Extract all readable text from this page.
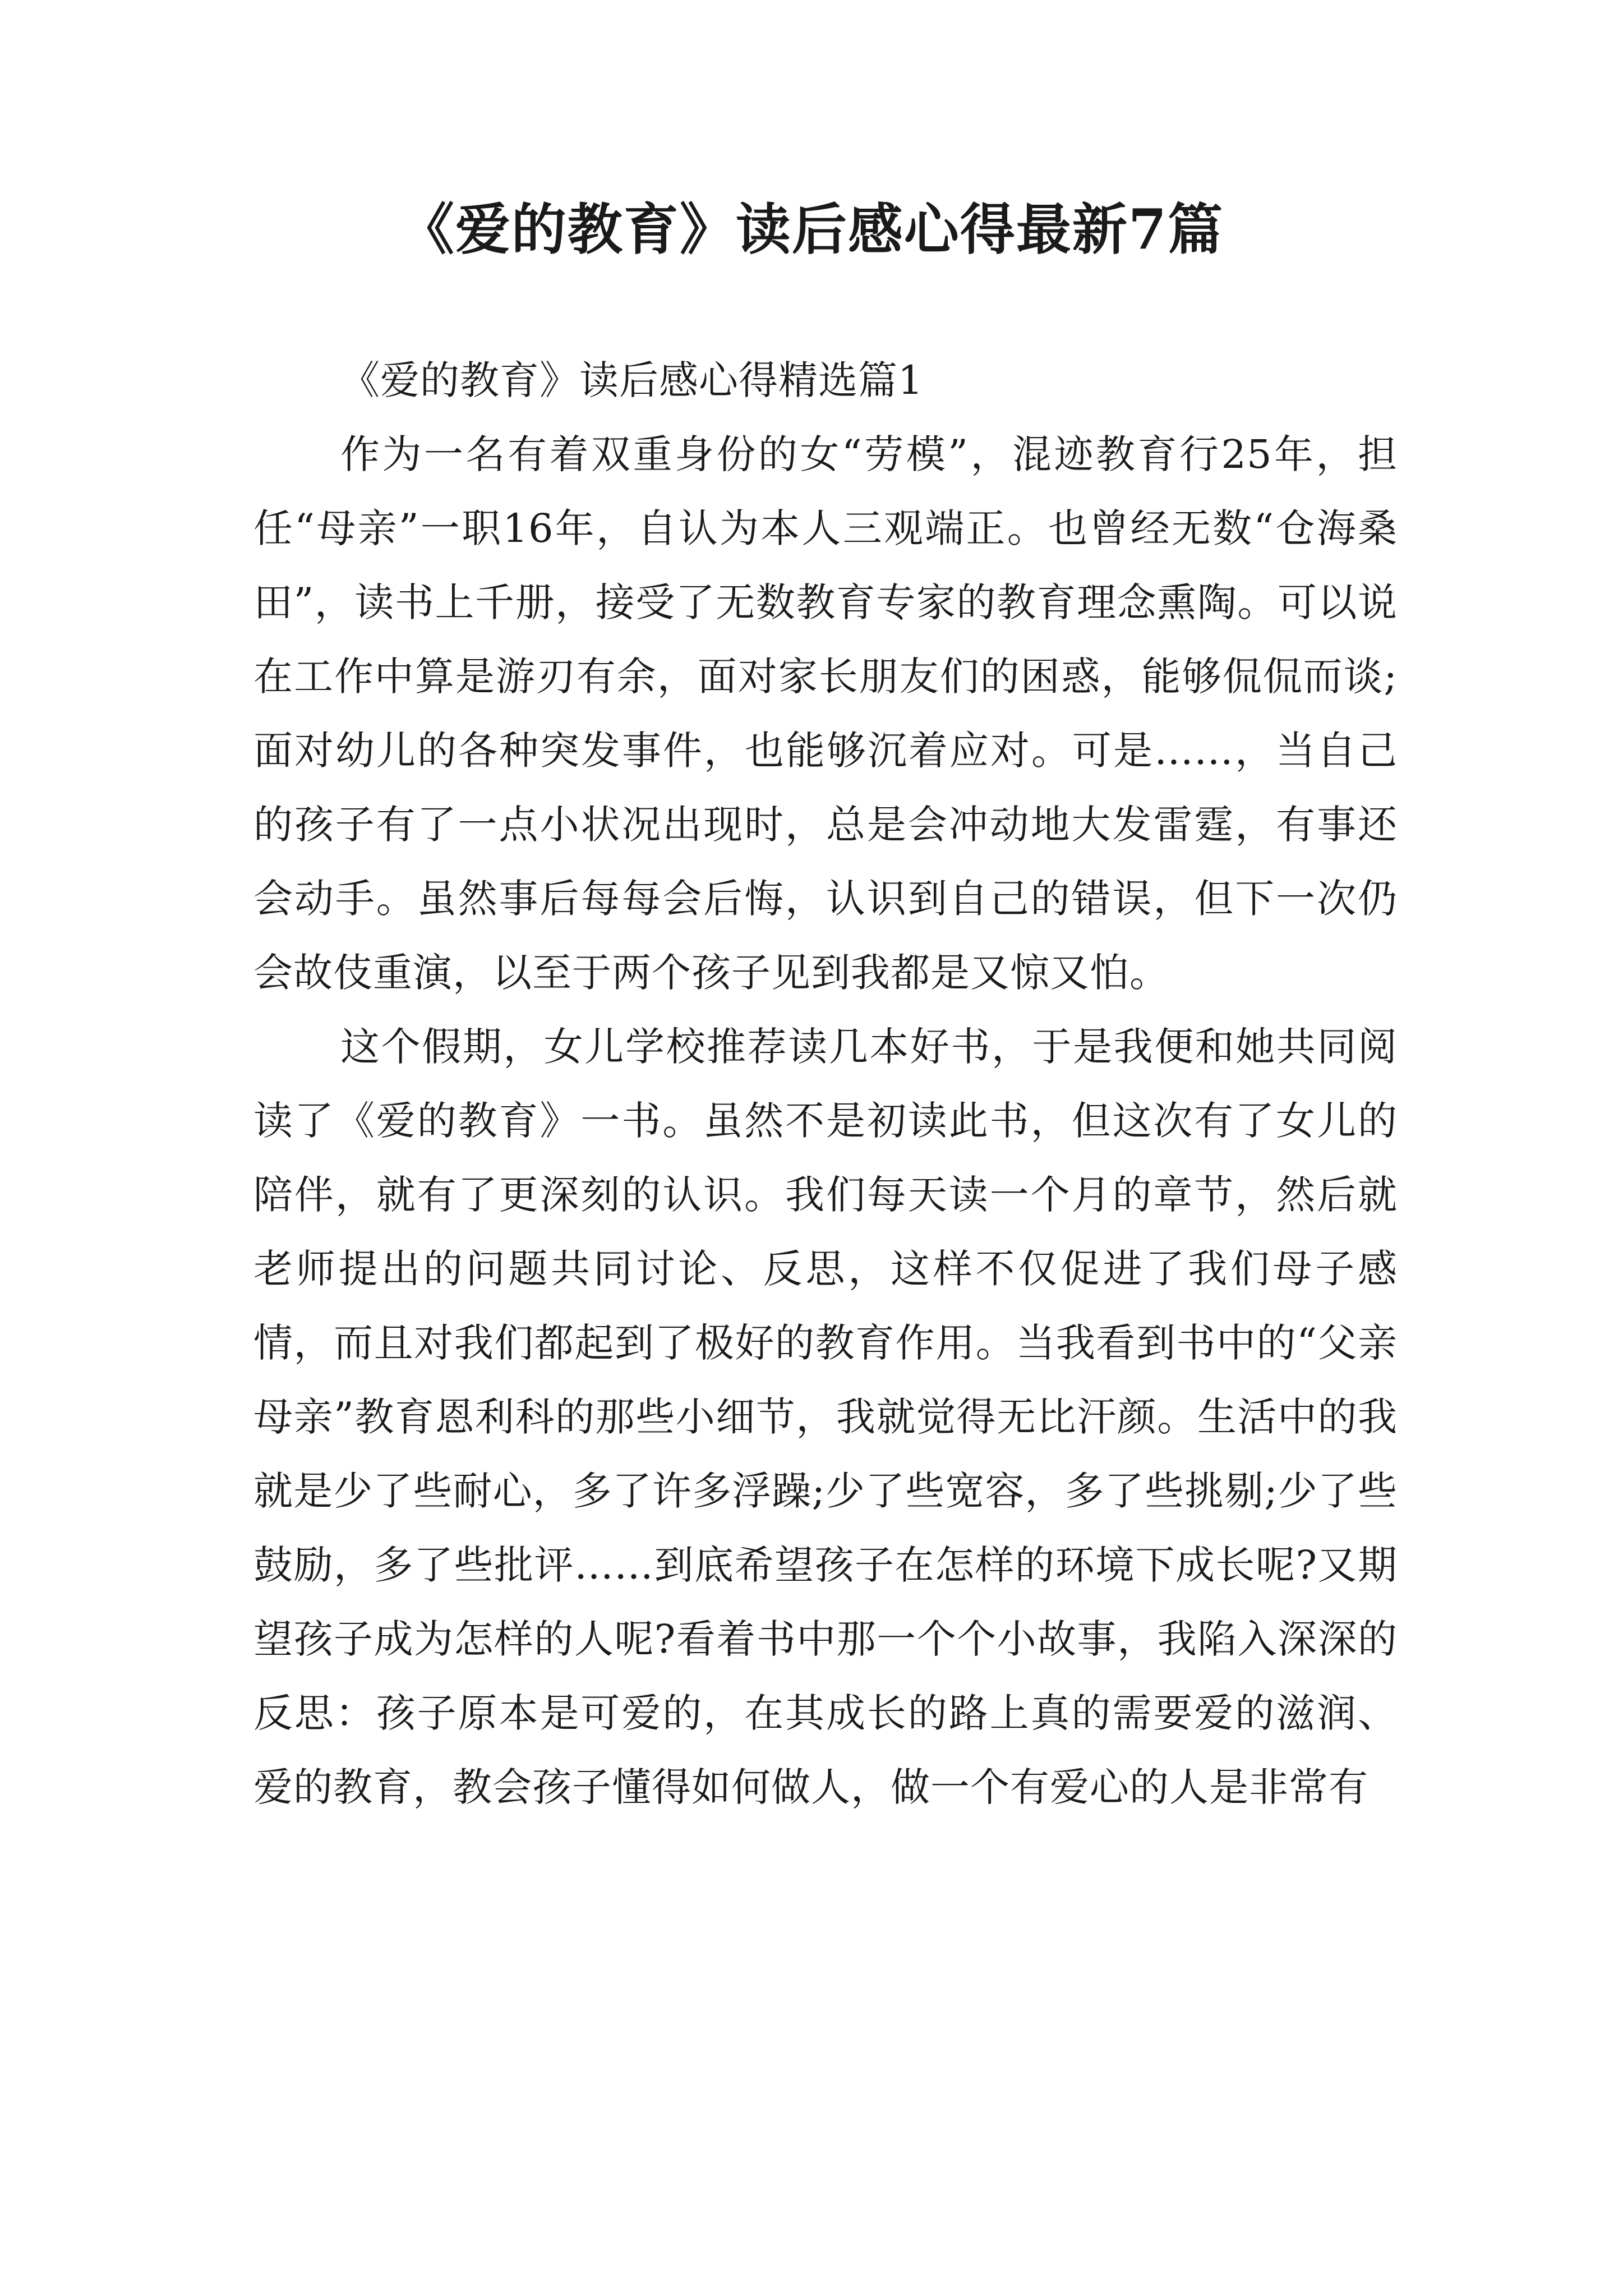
《爱的教育》读后感心得最新7篇

《爱的教育》读后感心得精选篇1

作为一名有着双重身份的女“劳模”，混迹教育行25年，担任“母亲”一职16年，自认为本人三观端正。也曾经无数“仓海桑田”，读书上千册，接受了无数教育专家的教育理念熏陶。可以说在工作中算是游刃有余，面对家长朋友们的困惑，能够侃侃而谈;面对幼儿的各种突发事件，也能够沉着应对。可是……，当自己的孩子有了一点小状况出现时，总是会冲动地大发雷霆，有事还会动手。虽然事后每每会后悔，认识到自己的错误，但下一次仍会故伎重演，以至于两个孩子见到我都是又惊又怕。

这个假期，女儿学校推荐读几本好书，于是我便和她共同阅读了《爱的教育》一书。虽然不是初读此书，但这次有了女儿的陪伴，就有了更深刻的认识。我们每天读一个月的章节，然后就老师提出的问题共同讨论、反思，这样不仅促进了我们母子感情，而且对我们都起到了极好的教育作用。当我看到书中的“父亲母亲”教育恩利科的那些小细节，我就觉得无比汗颜。生活中的我就是少了些耐心，多了许多浮躁;少了些宽容，多了些挑剔;少了些鼓励，多了些批评……到底希望孩子在怎样的环境下成长呢?又期望孩子成为怎样的人呢?看着书中那一个个小故事，我陷入深深的反思：孩子原本是可爱的，在其成长的路上真的需要爱的滋润、爱的教育，教会孩子懂得如何做人，做一个有爱心的人是非常有
